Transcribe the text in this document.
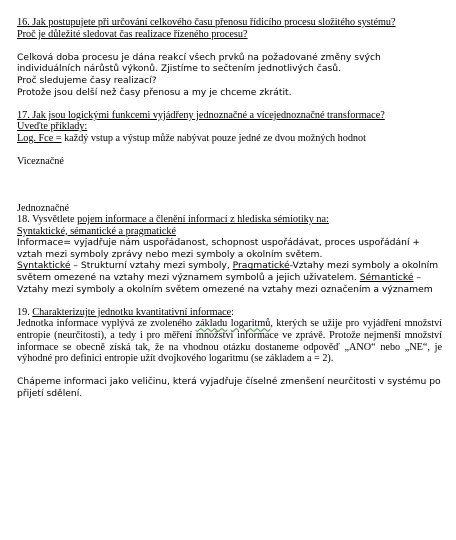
16. Jak postupujete při určování celkového času přenosu řídicího procesu složitého systému?

Proč je důležité sledovat čas realizace řízeného procesu?

Celková doba procesu je dána reakcí všech prvků na požadované změny svých individuálních nárůstů výkonů. Zjistíme to sečtením jednotlivých časů.

Proč sledujeme časy realizací?

Protože jsou delší než časy přenosu a my je chceme zkrátit.

17. Jak jsou logickými funkcemi vyjádřeny jednoznačné a vícejednoznačné transformace?

Uveďte příklady:

Log. Fce = každý vstup a výstup může nabývat pouze jedné ze dvou možných hodnot

Viceznačné

Jednoznačné

18. Vysvětlete pojem informace a členění informací z hlediska sémiotiky na:

Syntaktické, sémantické a pragmatické

Informace= vyjadřuje nám uspořádanost, schopnost uspořádávat, proces uspořádání + vztah mezi symboly zprávy nebo mezi symboly a okolním světem.

Syntaktické – Strukturní vztahy mezi symboly, Pragmatické-Vztahy mezi symboly a okolním světem omezené na vztahy mezi významem symbolů a jejich uživatelem. Sémantické – Vztahy mezi symboly a okolním světem omezené na vztahy mezi označením a významem

19. Charakterizujte jednotku kvantitativní informace:

Jednotka informace vyplývá ze zvoleného základu logaritmů, kterých se užije pro vyjádření množství entropie (neurčitosti), a tedy i pro měření množství informace ve zprávě. Protože nejmenší množství informace se obecně získá tak, že na vhodnou otázku dostaneme odpověď „ANO“ nebo „NE“, je výhodné pro definici entropie užít dvojkového logaritmu (se základem a = 2).

Chápeme informaci jako veličinu, která vyjadřuje číselné zmenšení neurčitosti v systému po přijetí sdělení.
